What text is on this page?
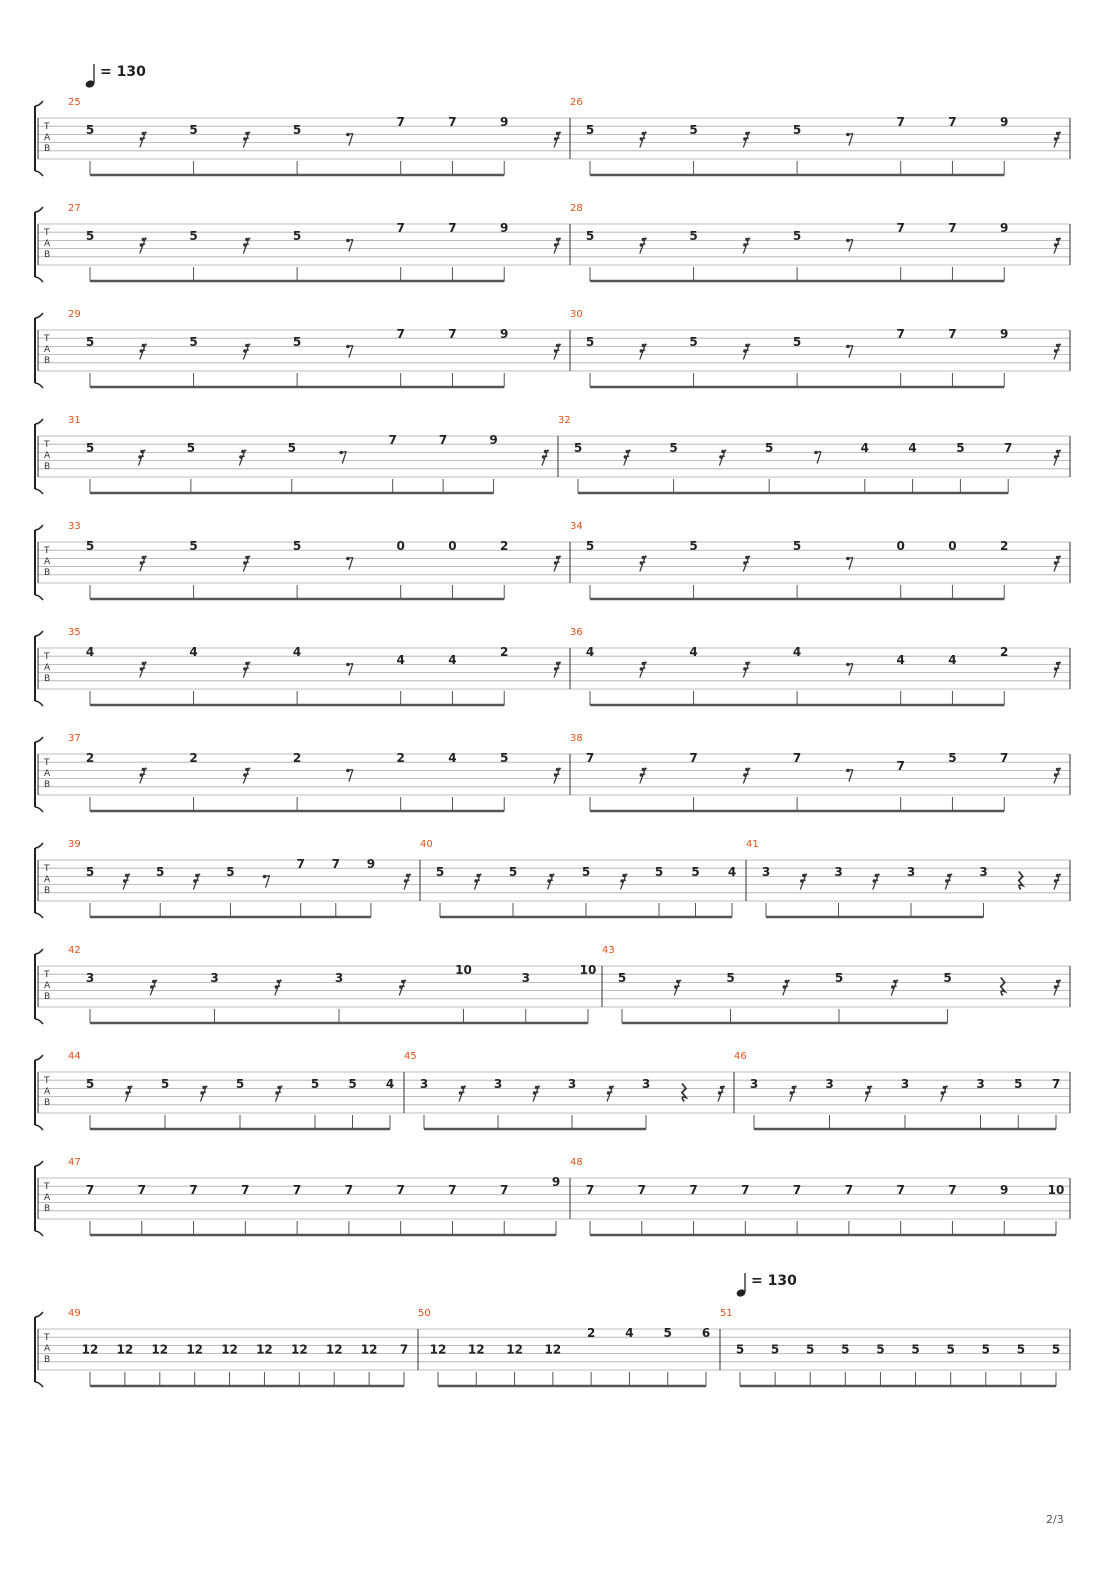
= 130
= 130
T
A
B
25
5	5	5
7	7	9
26
5	5	5
7	7	9
T
A
B
27
5	5	5
7	7	9
28
5	5	5
7	7	9
T
A
B
29
5	5	5
7	7	9
30
5	5	5
7	7	9
T
A
B
31
5	5	5
7	7	9
32
5	5	5	4	4	5	7
T
A
B
33
5	5	5	0	0	2
34
5	5	5	0	0	2
T
A
B
35
4	4	4
4	4
2
36
4	4	4
4	4
2
T
A
B
37
2	2	2	2	4	5
38
7	7	7
7
5	7
T
A
B
39
5	5	5
7 7 9
40
5	5	5	5 5 4
41
3	3	3	3
T
A
B
42
3	3	3
10
3
10
43
5	5	5	5
T
A
B
44
5	5	5	5 5 4
45
3	3	3	3
46
3	3	3	3 5 7
T
A
B
47
7	7	7	7	7	7	7	7	7
9
48
7	7	7	7	7	7	7	7	9	10
T
A
B
49
12 12 12 12 12 12 12 12 12 7
50
12 12 12 12
2 4 5 6
51
5 5 5 5 5 5 5 5 5 5
2/3
